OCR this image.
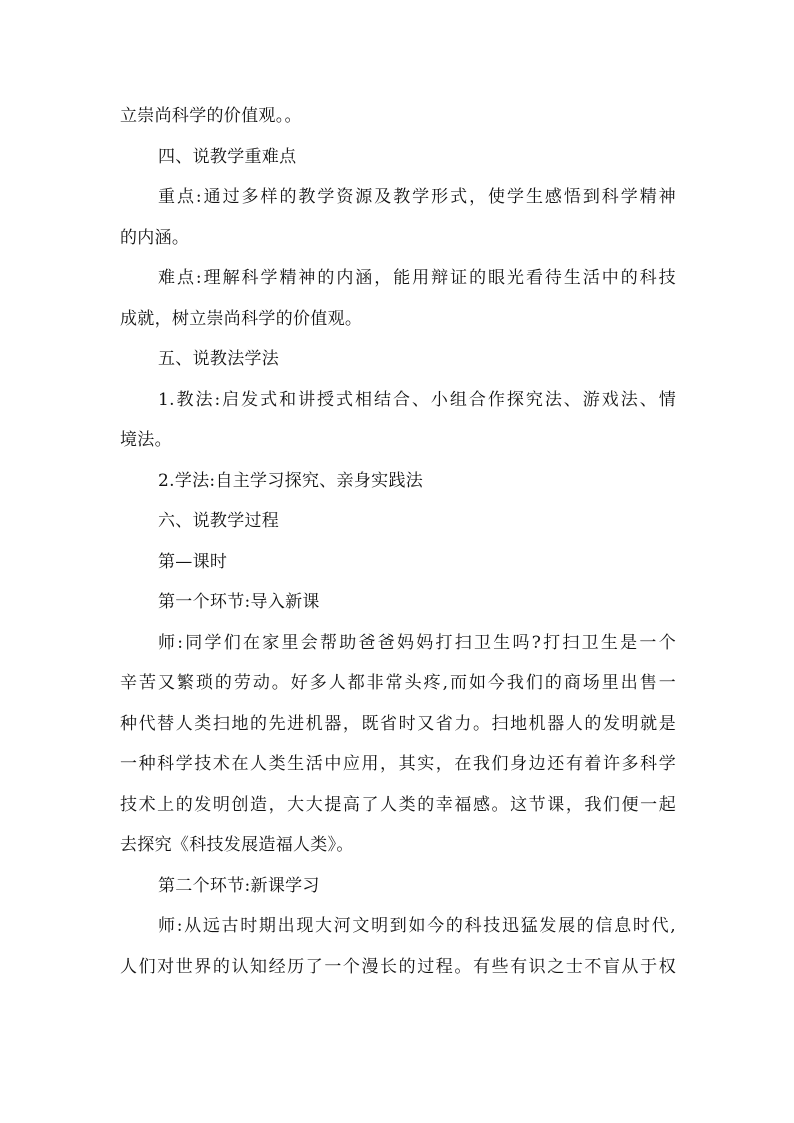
立崇尚科学的价值观。。
四、说教学重难点
重点:通过多样的教学资源及教学形式，使学生感悟到科学精神
的内涵。
难点:理解科学精神的内涵，能用辩证的眼光看待生活中的科技
成就，树立崇尚科学的价值观。
五、说教法学法
1.教法:启发式和讲授式相结合、小组合作探究法、游戏法、情
境法。
2.学法:自主学习探究、亲身实践法
六、说教学过程
第—课时
第一个环节:导入新课
师:同学们在家里会帮助爸爸妈妈打扫卫生吗?打扫卫生是一个
辛苦又繁琐的劳动。好多人都非常头疼,而如今我们的商场里出售一
种代替人类扫地的先进机器，既省时又省力。扫地机器人的发明就是
一种科学技术在人类生活中应用，其实，在我们身边还有着许多科学
技术上的发明创造，大大提高了人类的幸福感。这节课，我们便一起
去探究《科技发展造福人类》。
第二个环节:新课学习
师:从远古时期出现大河文明到如今的科技迅猛发展的信息时代,
人们对世界的认知经历了一个漫长的过程。有些有识之士不盲从于权
